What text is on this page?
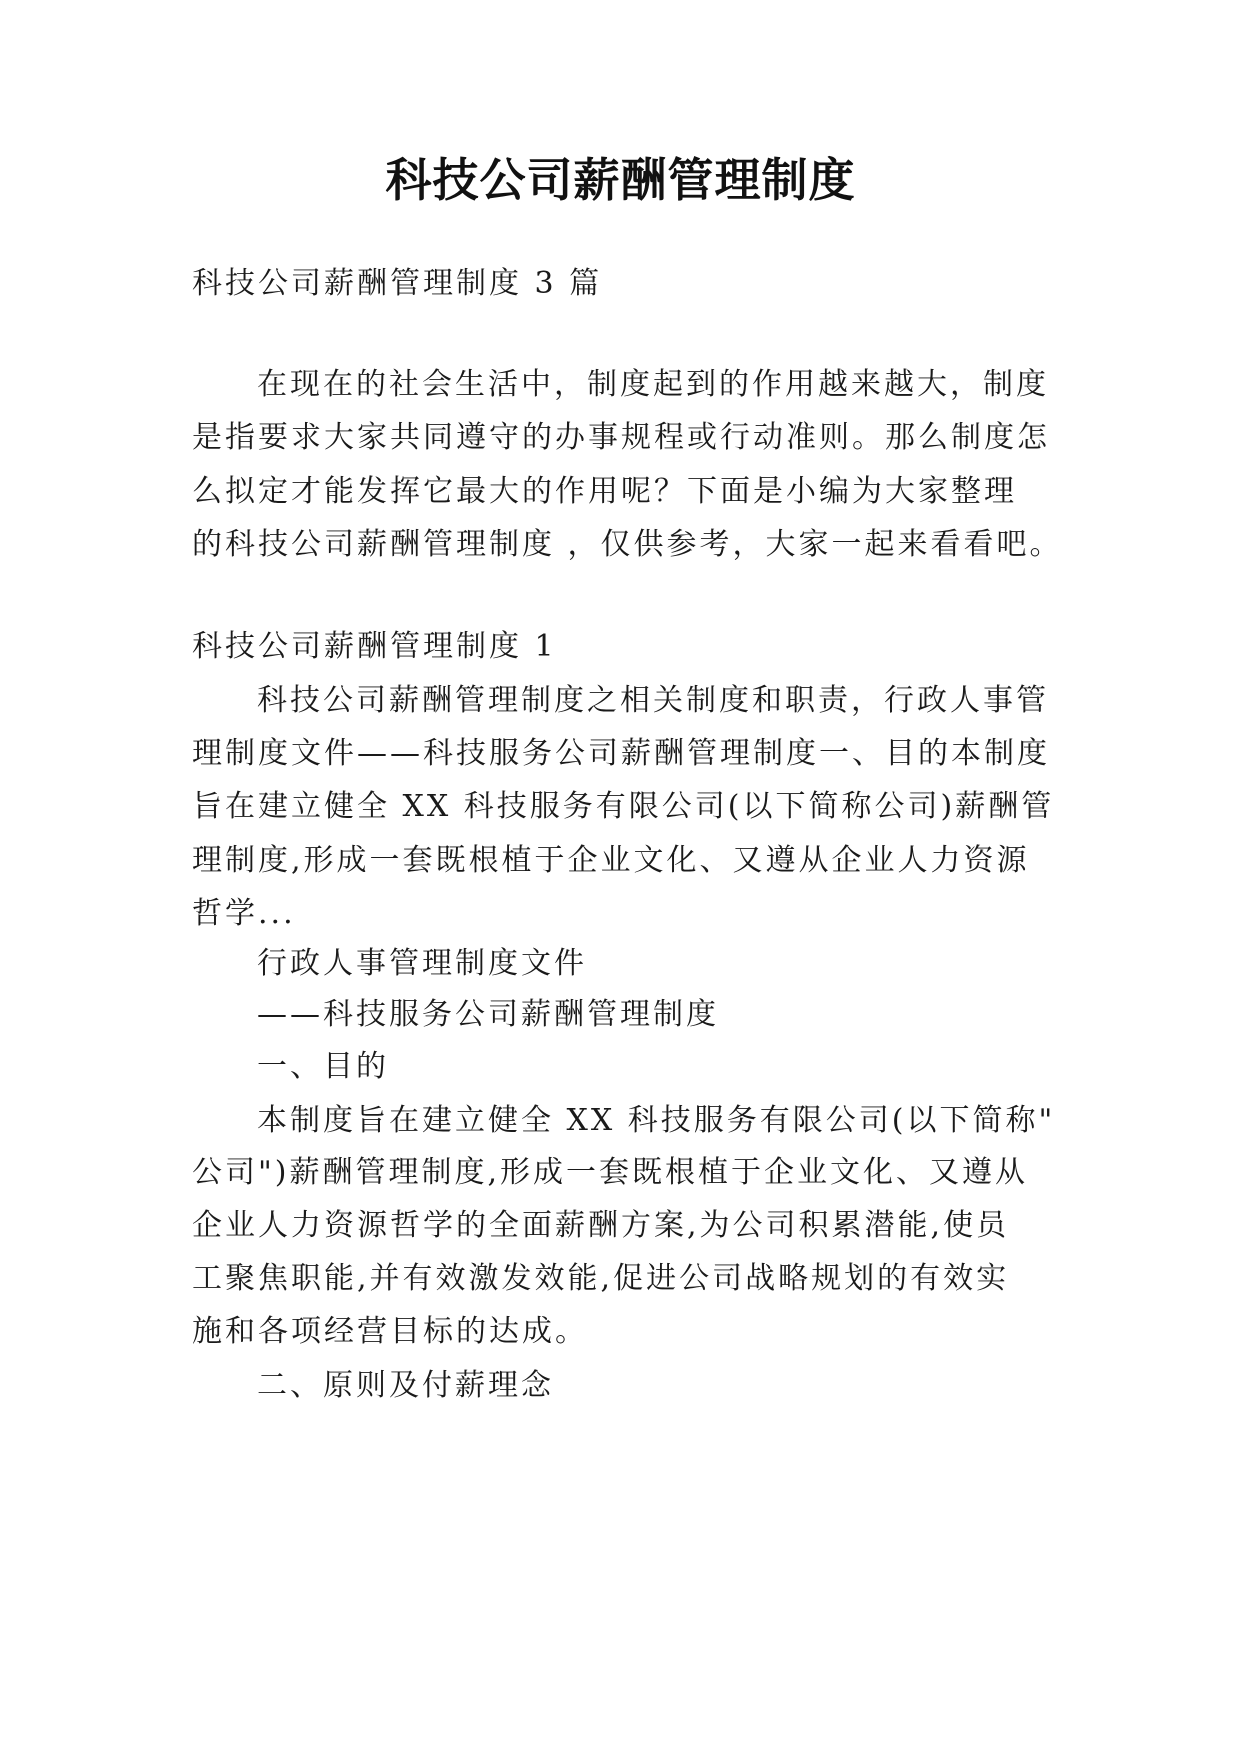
科技公司薪酬管理制度
科技公司薪酬管理制度 3 篇
在现在的社会生活中，制度起到的作用越来越大，制度
是指要求大家共同遵守的办事规程或行动准则。那么制度怎
么拟定才能发挥它最大的作用呢？下面是小编为大家整理
的科技公司薪酬管理制度 ，仅供参考，大家一起来看看吧。
科技公司薪酬管理制度 1
科技公司薪酬管理制度之相关制度和职责，行政人事管
理制度文件——科技服务公司薪酬管理制度一、目的本制度
旨在建立健全 XX 科技服务有限公司(以下简称公司)薪酬管
理制度,形成一套既根植于企业文化、又遵从企业人力资源
哲学...
行政人事管理制度文件
——科技服务公司薪酬管理制度
一、目的
本制度旨在建立健全 XX 科技服务有限公司(以下简称"
公司")薪酬管理制度,形成一套既根植于企业文化、又遵从
企业人力资源哲学的全面薪酬方案,为公司积累潜能,使员
工聚焦职能,并有效激发效能,促进公司战略规划的有效实
施和各项经营目标的达成。
二、原则及付薪理念
